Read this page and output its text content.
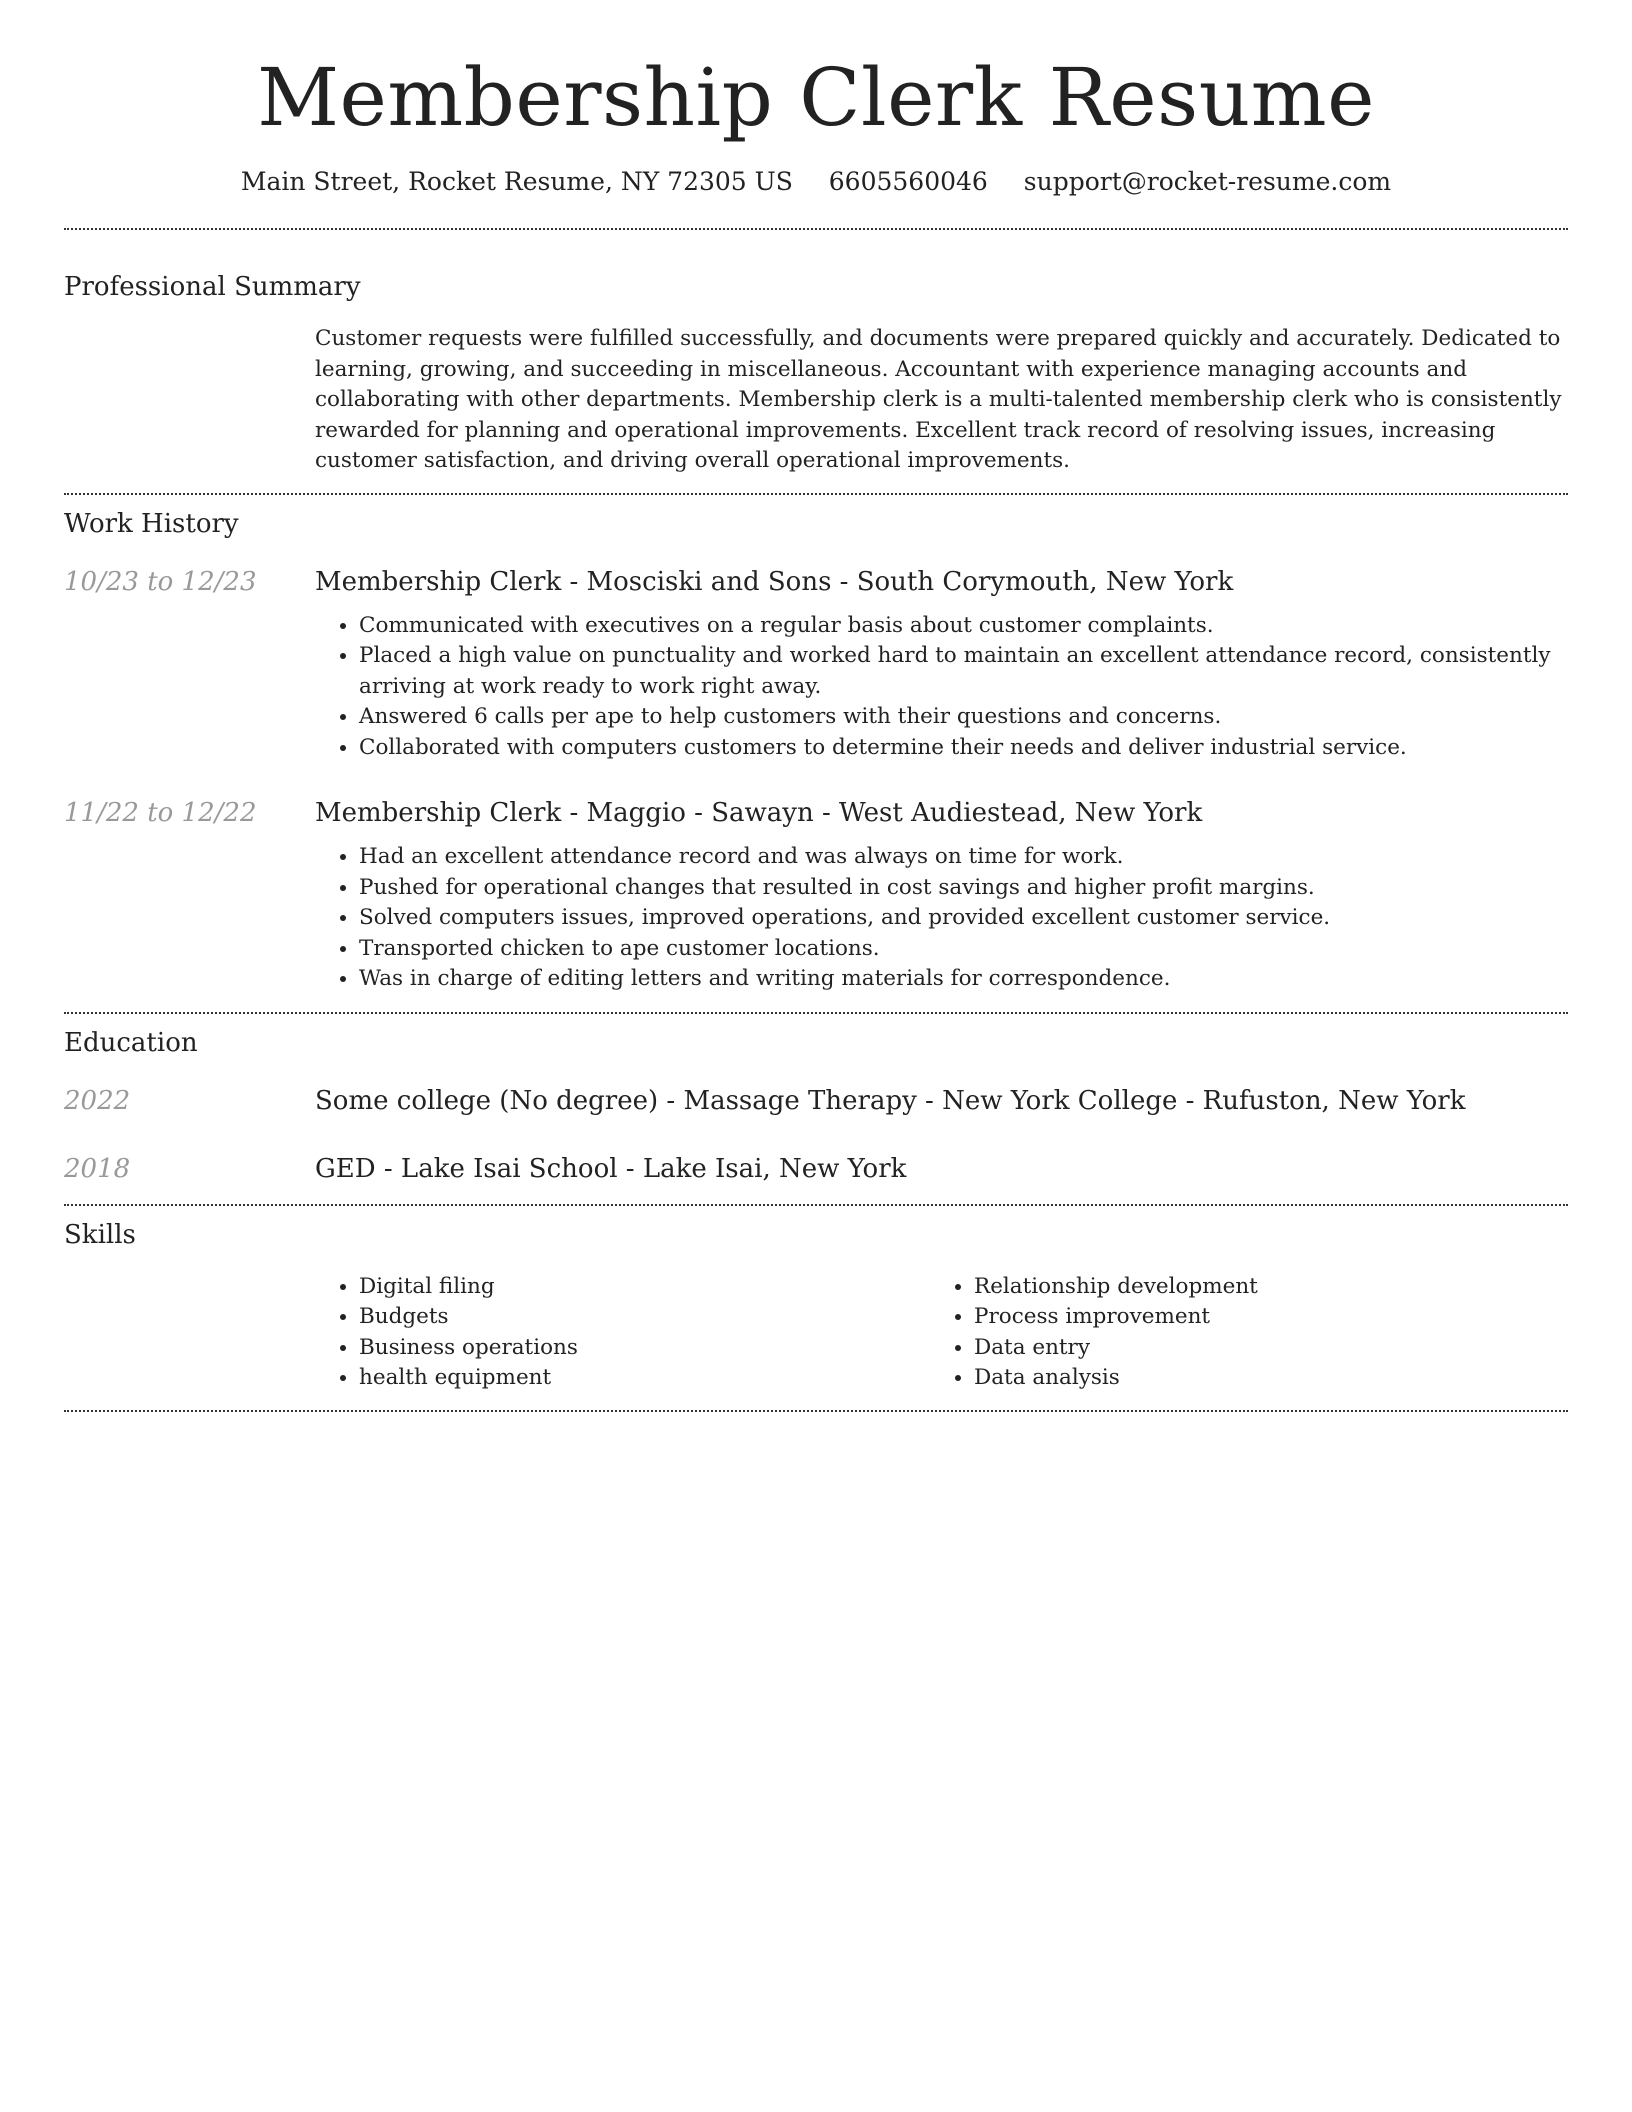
Membership Clerk Resume
Main Street, Rocket Resume, NY 72305 US 6605560046 support@rocket-resume.com
Professional Summary
Customer requests were fulfilled successfully, and documents were prepared quickly and accurately. Dedicated to learning, growing, and succeeding in miscellaneous. Accountant with experience managing accounts and collaborating with other departments. Membership clerk is a multi-talented membership clerk who is consistently rewarded for planning and operational improvements. Excellent track record of resolving issues, increasing customer satisfaction, and driving overall operational improvements.
Work History
10/23 to 12/23	Membership Clerk - Mosciski and Sons - South Corymouth, New York
• Communicated with executives on a regular basis about customer complaints.
• Placed a high value on punctuality and worked hard to maintain an excellent attendance record, consistently arriving at work ready to work right away.
• Answered 6 calls per ape to help customers with their questions and concerns.
• Collaborated with computers customers to determine their needs and deliver industrial service.
11/22 to 12/22	Membership Clerk - Maggio - Sawayn - West Audiestead, New York
• Had an excellent attendance record and was always on time for work.
• Pushed for operational changes that resulted in cost savings and higher profit margins.
• Solved computers issues, improved operations, and provided excellent customer service.
• Transported chicken to ape customer locations.
• Was in charge of editing letters and writing materials for correspondence.
Education
2022	Some college (No degree) - Massage Therapy - New York College - Rufuston, New York
2018	GED - Lake Isai School - Lake Isai, New York
Skills
• Digital filing
• Budgets
• Business operations
• health equipment
• Relationship development
• Process improvement
• Data entry
• Data analysis
